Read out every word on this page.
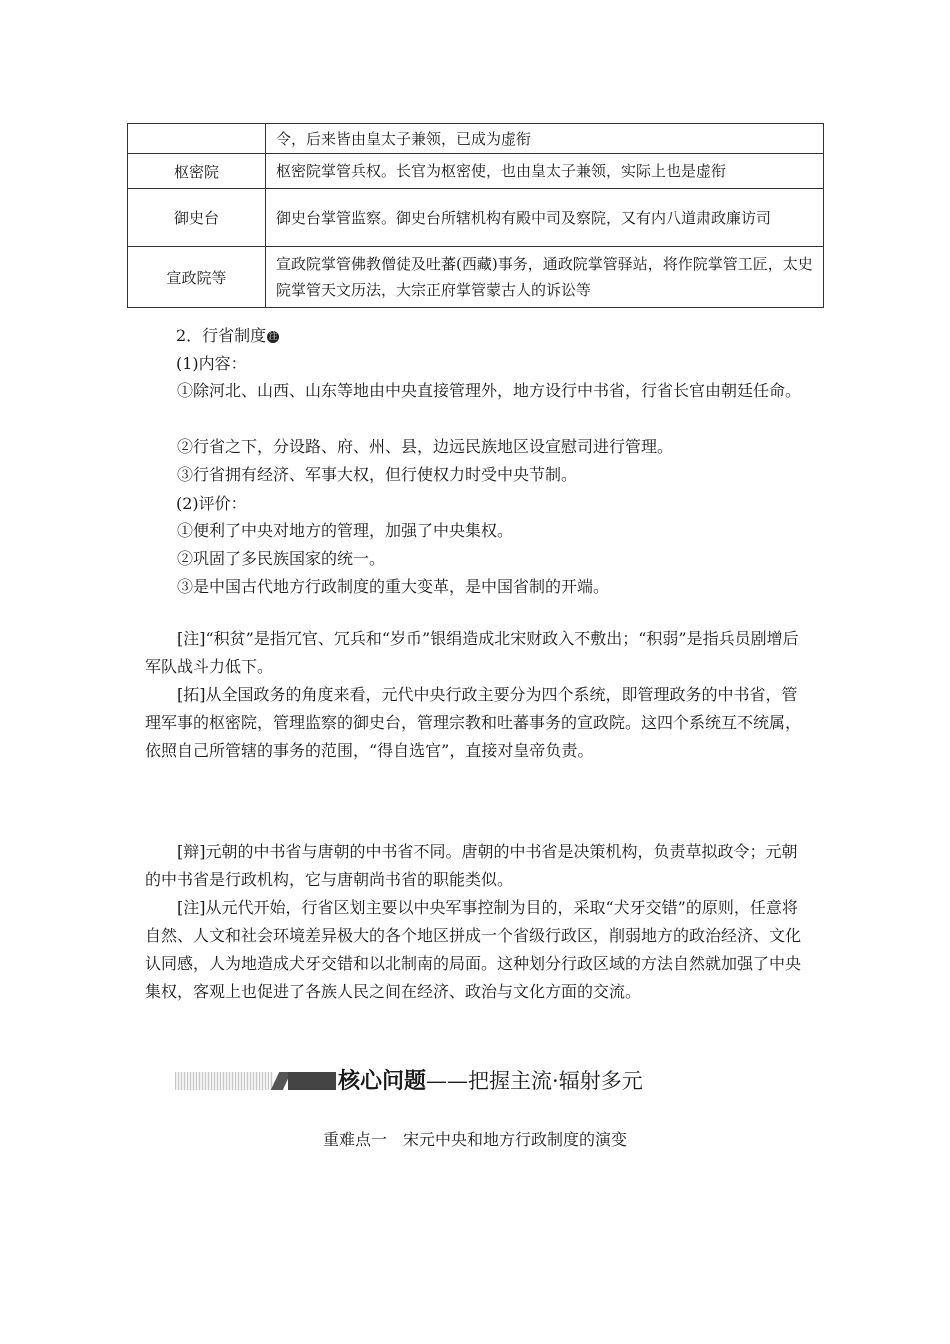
	令，后来皆由皇太子兼领，已成为虚衔
枢密院	枢密院掌管兵权。长官为枢密使，也由皇太子兼领，实际上也是虚衔
御史台	御史台掌管监察。御史台所辖机构有殿中司及察院，又有内八道肃政廉访司
宣政院等	宣政院掌管佛教僧徒及吐蕃(西藏)事务，通政院掌管驿站，将作院掌管工匠，太史院掌管天文历法，大宗正府掌管蒙古人的诉讼等
2．行省制度 注
(1)内容：

①除河北、山西、山东等地由中央直接管理外，地方设行中书省，行省长官由朝廷任命。

②行省之下，分设路、府、州、县，边远民族地区设宣慰司进行管理。

③行省拥有经济、军事大权，但行使权力时受中央节制。

(2)评价：

①便利了中央对地方的管理，加强了中央集权。

②巩固了多民族国家的统一。

③是中国古代地方行政制度的重大变革，是中国省制的开端。

[注]“积贫”是指冗官、冗兵和“岁币”银绢造成北宋财政入不敷出；“积弱”是指兵员剧增后军队战斗力低下。

[拓]从全国政务的角度来看，元代中央行政主要分为四个系统，即管理政务的中书省，管理军事的枢密院，管理监察的御史台，管理宗教和吐蕃事务的宣政院。这四个系统互不统属，依照自己所管辖的事务的范围，“得自选官”，直接对皇帝负责。

[辩]元朝的中书省与唐朝的中书省不同。唐朝的中书省是决策机构，负责草拟政令；元朝的中书省是行政机构，它与唐朝尚书省的职能类似。

[注]从元代开始，行省区划主要以中央军事控制为目的，采取“犬牙交错”的原则，任意将自然、人文和社会环境差异极大的各个地区拼成一个省级行政区，削弱地方的政治经济、文化认同感，人为地造成犬牙交错和以北制南的局面。这种划分行政区域的方法自然就加强了中央集权，客观上也促进了各族人民之间在经济、政治与文化方面的交流。

核心问题——把握主流·辐射多元
重难点一　宋元中央和地方行政制度的演变
